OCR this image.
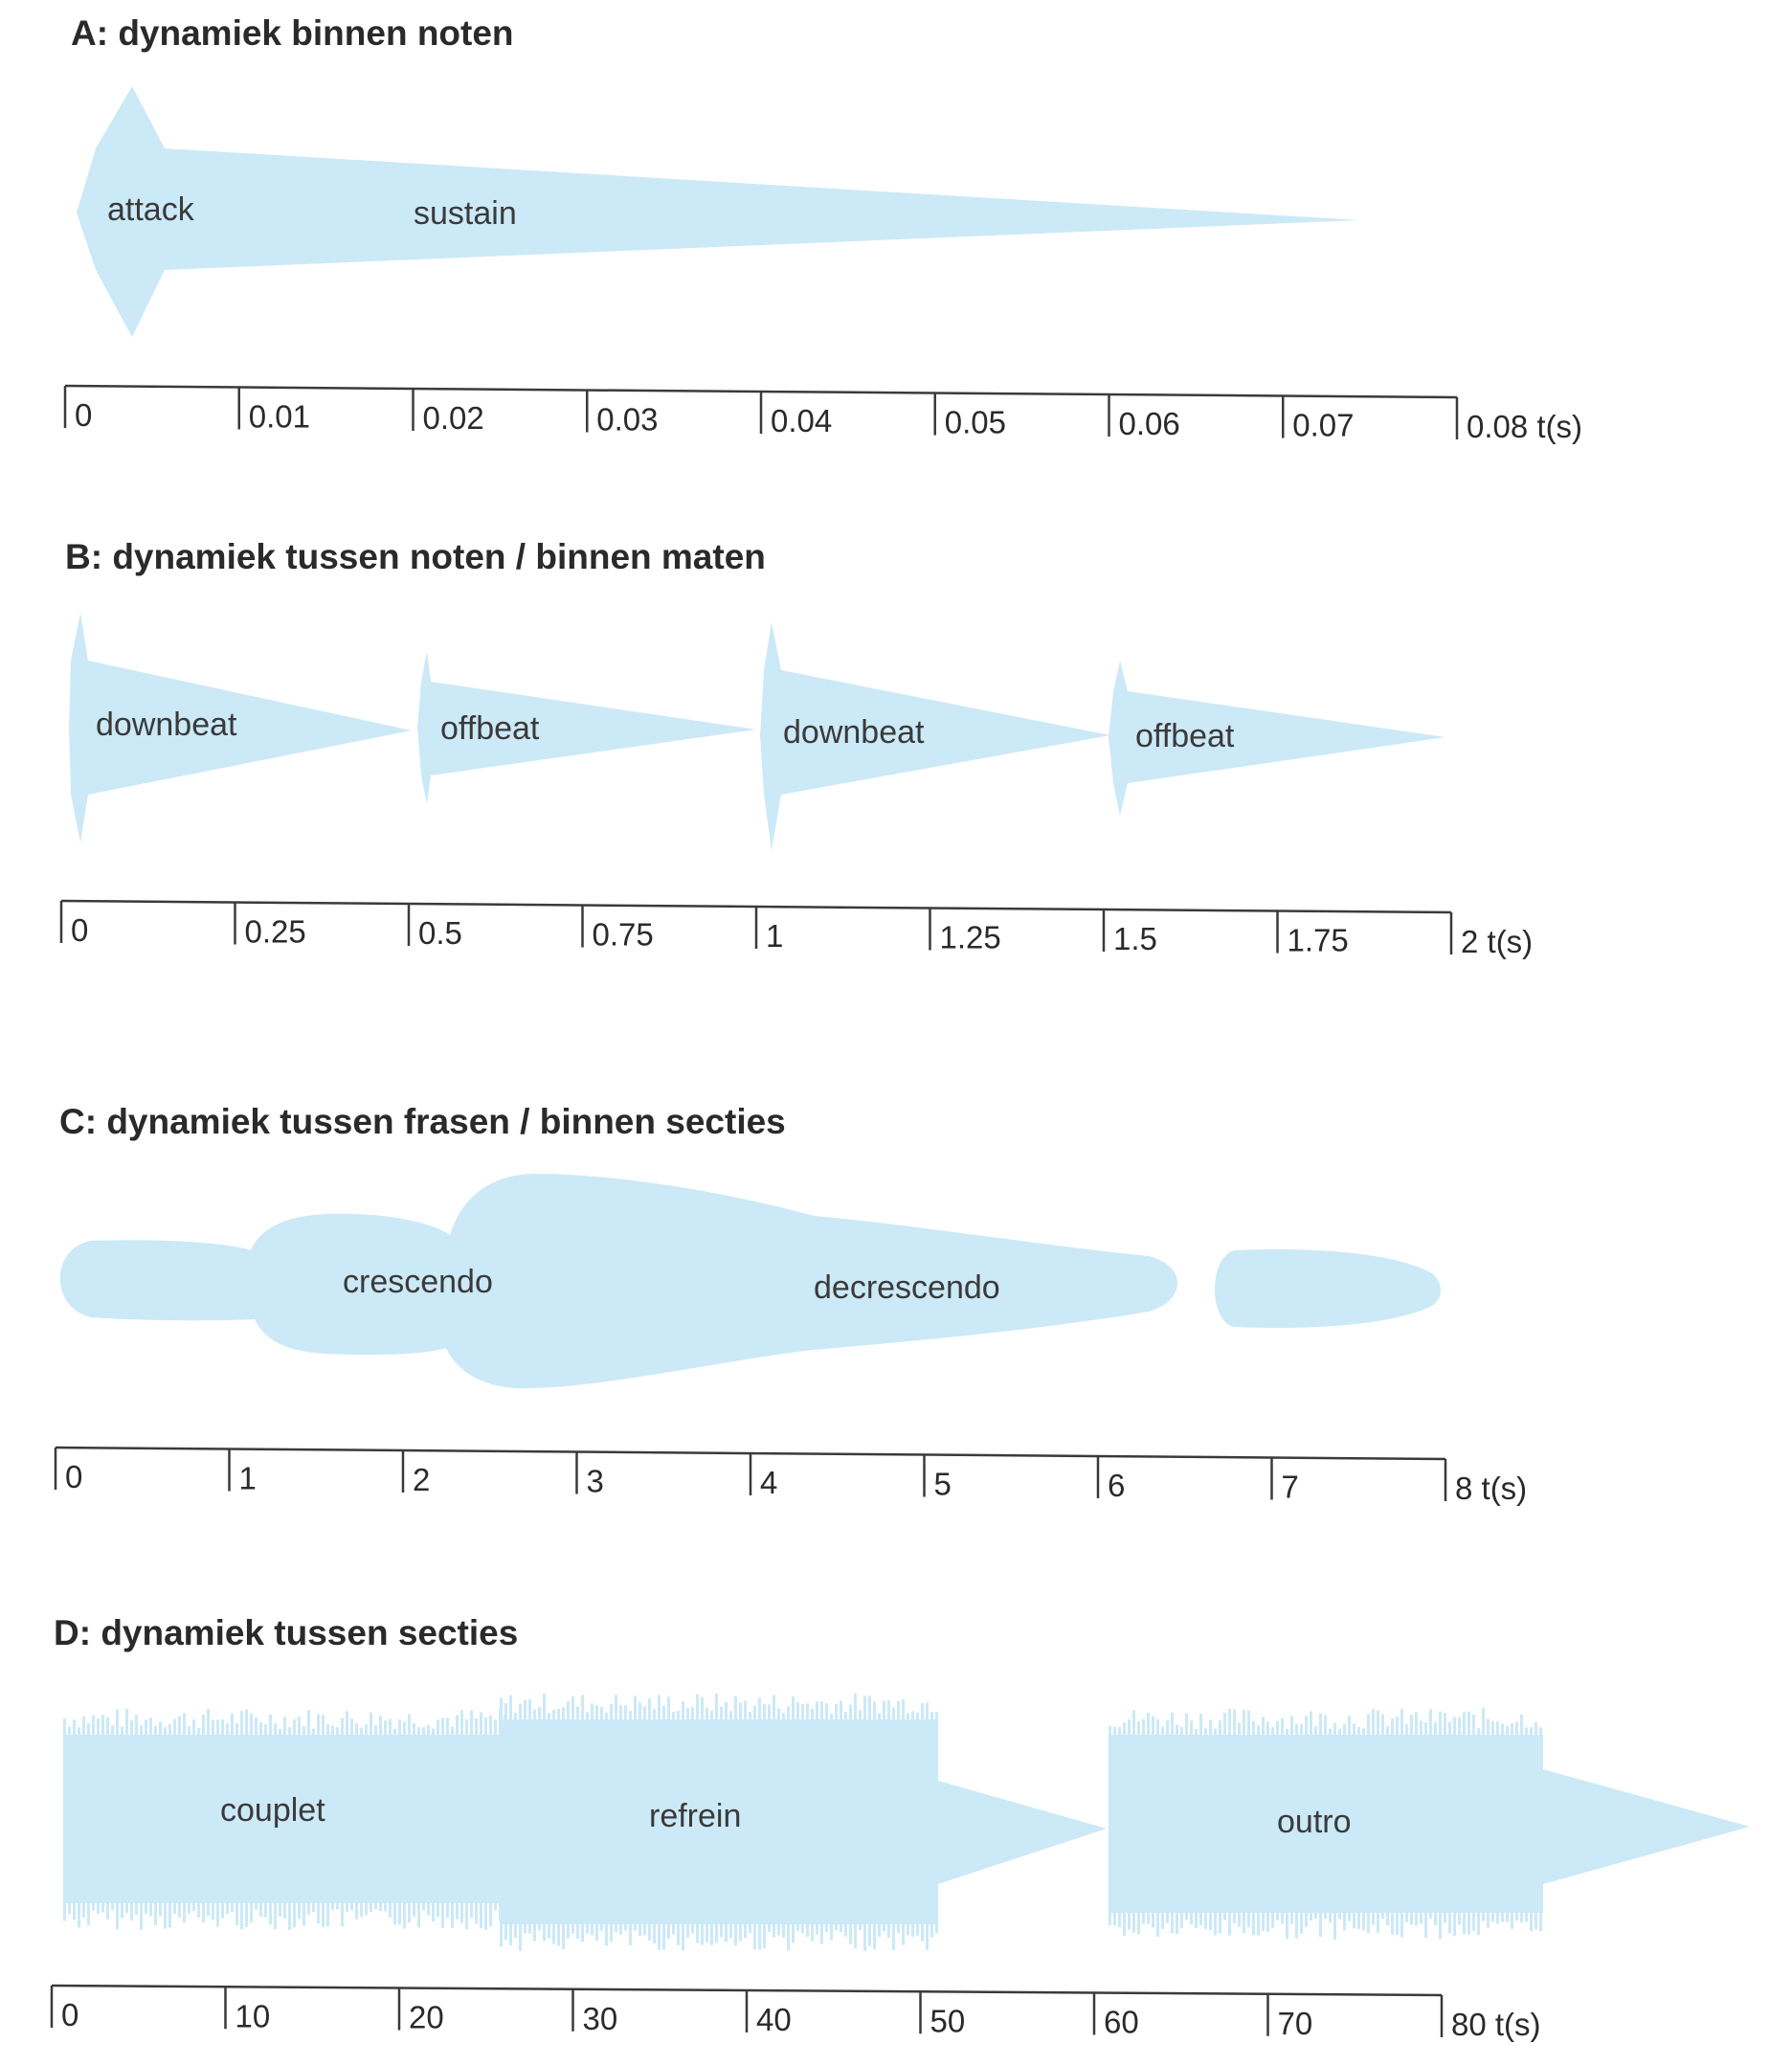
A: dynamiek binnen noten
attack	sustain
0	0.01	0.02	0.03	0.04	0.05	0.06	0.07	0.08 t(s)
B: dynamiek tussen noten / binnen maten
downbeat	offbeat	downbeat	offbeat
0	0.25	0.5	0.75	1	1.25	1.5	1.75	2 t(s)
C: dynamiek tussen frasen / binnen secties
crescendo	decrescendo
0	1	2	3	4	5	6	7	8 t(s)
D: dynamiek tussen secties
couplet	refrein	outro
0	10	20	30	40	50	60	70	80 t(s)
